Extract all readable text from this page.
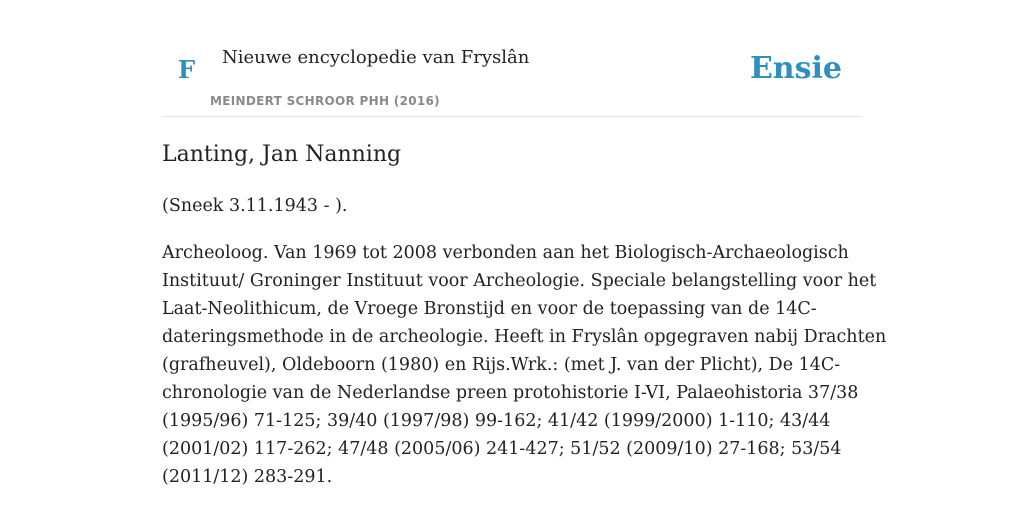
F Nieuwe encyclopedie van Fryslân
MEINDERT SCHROOR PHH (2016)
Ensie
Lanting, Jan Nanning

(Sneek 3.11.1943 - ).

Archeoloog. Van 1969 tot 2008 verbonden aan het Biologisch-Archaeologisch
Instituut/ Groninger Instituut voor Archeologie. Speciale belangstelling voor het
Laat-Neolithicum, de Vroege Bronstijd en voor de toepassing van de 14C-
dateringsmethode in de archeologie. Heeft in Fryslân opgegraven nabij Drachten
(grafheuvel), Oldeboorn (1980) en Rijs.Wrk.: (met J. van der Plicht), De 14C-
chronologie van de Nederlandse preen protohistorie I-VI, Palaeohistoria 37/38
(1995/96) 71-125; 39/40 (1997/98) 99-162; 41/42 (1999/2000) 1-110; 43/44
(2001/02) 117-262; 47/48 (2005/06) 241-427; 51/52 (2009/10) 27-168; 53/54
(2011/12) 283-291.
